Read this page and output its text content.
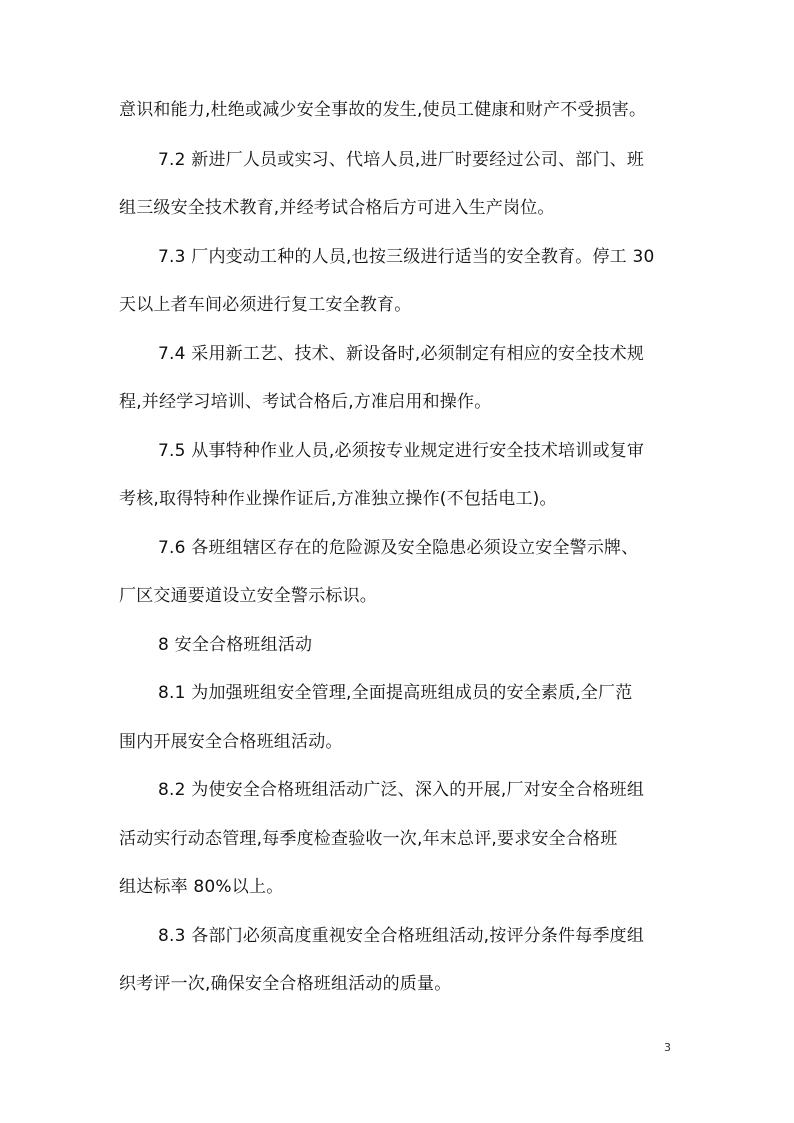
意识和能力,杜绝或减少安全事故的发生,使员工健康和财产不受损害。
7.2 新进厂人员或实习、代培人员,进厂时要经过公司、部门、班
组三级安全技术教育,并经考试合格后方可进入生产岗位。
7.3 厂内变动工种的人员,也按三级进行适当的安全教育。停工 30
天以上者车间必须进行复工安全教育。
7.4 采用新工艺、技术、新设备时,必须制定有相应的安全技术规
程,并经学习培训、考试合格后,方准启用和操作。
7.5 从事特种作业人员,必须按专业规定进行安全技术培训或复审
考核,取得特种作业操作证后,方准独立操作(不包括电工)。
7.6 各班组辖区存在的危险源及安全隐患必须设立安全警示牌、
厂区交通要道设立安全警示标识。
8 安全合格班组活动
8.1 为加强班组安全管理,全面提高班组成员的安全素质,全厂范
围内开展安全合格班组活动。
8.2 为使安全合格班组活动广泛、深入的开展,厂对安全合格班组
活动实行动态管理,每季度检查验收一次,年末总评,要求安全合格班
组达标率 80%以上。
8.3 各部门必须高度重视安全合格班组活动,按评分条件每季度组
织考评一次,确保安全合格班组活动的质量。
3
